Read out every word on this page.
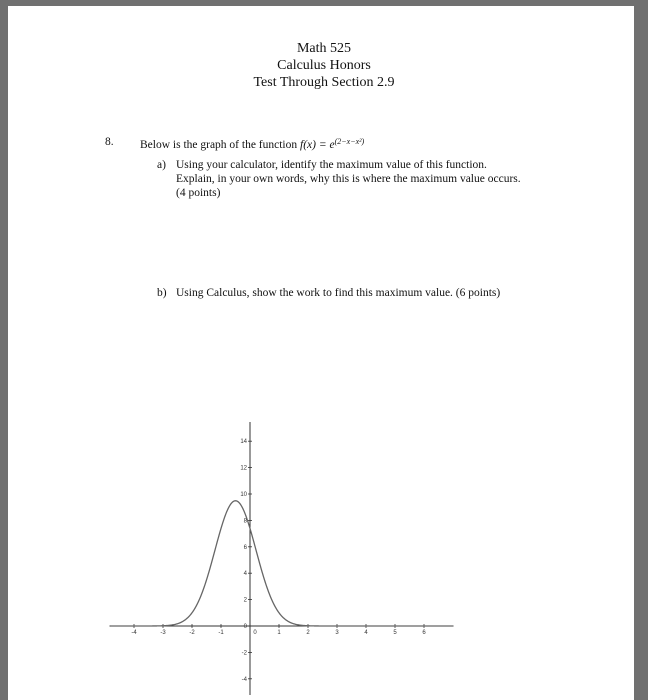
Math 525
Calculus Honors
Test Through Section 2.9
8. Below is the graph of the function $f(x) = e^{(2-x-x^2)}$
a) Using your calculator, identify the maximum value of this function.
Explain, in your own words, why this is where the maximum value occurs.
(4 points)
b) Using Calculus, show the work to find this maximum value. (6 points)
-4	-3	-2	-1	0	1	2	3	4	5	6
-4
-2
0
2
4
6
8
10
12
14
